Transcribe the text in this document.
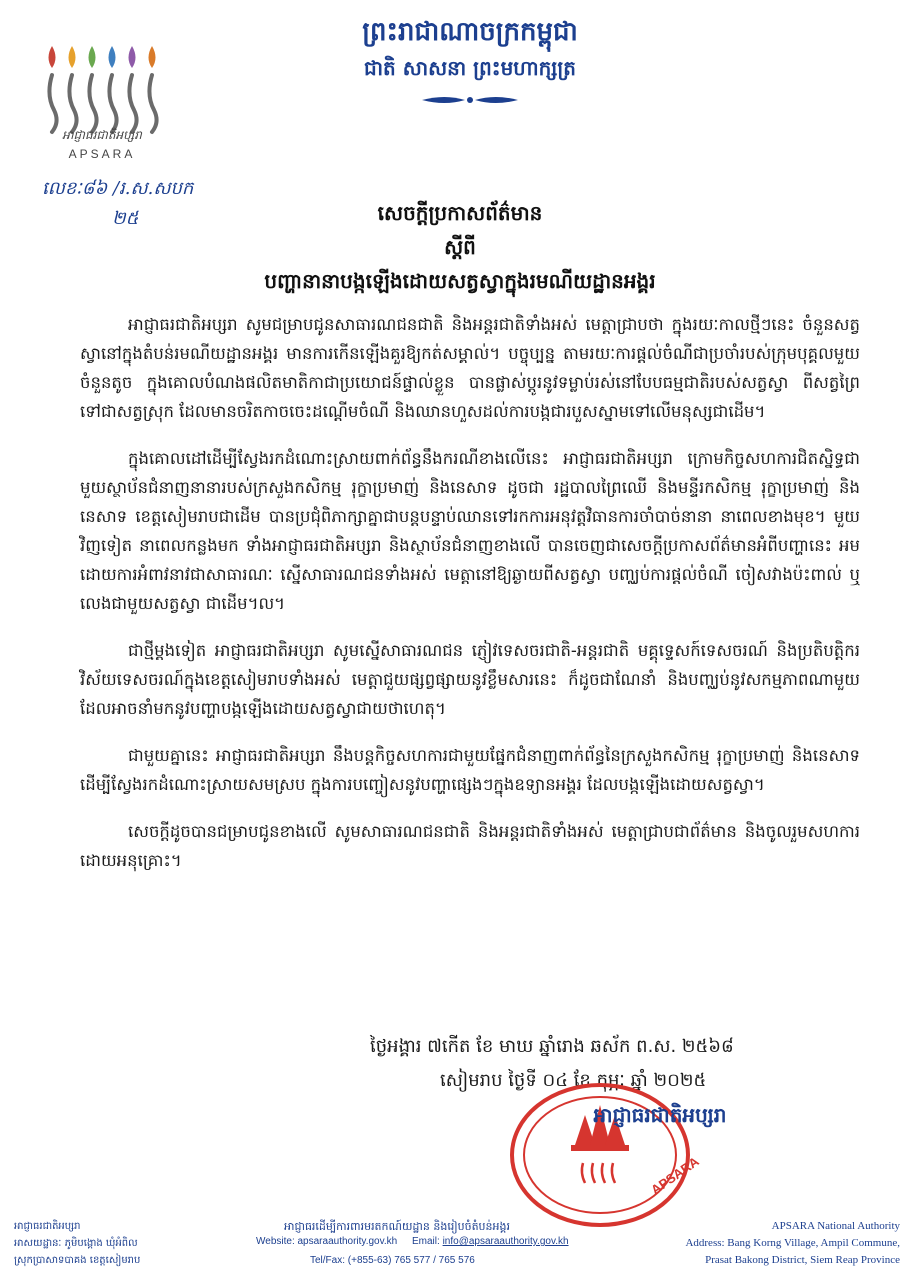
អាជ្ញាធរជាតិអប្សរា
APSARA
ព្រះរាជាណាចក្រកម្ពុជា
ជាតិ សាសនា ព្រះមហាក្សត្រ
លេខៈ៨៦ /រ.ស.សបក
២៥	សេចក្តីប្រកាសព័ត៌មាន
ស្តីពី
បញ្ហានានាបង្កឡើងដោយសត្វស្វាក្នុងរមណីយដ្ឋានអង្គរ

អាជ្ញាធរជាតិអប្សរា សូមជម្រាបជូនសាធារណជនជាតិ និងអន្តរជាតិទាំងអស់ មេត្តាជ្រាបថា ក្នុងរយៈកាលថ្មីៗនេះ ចំនួនសត្វស្វានៅក្នុងតំបន់រមណីយដ្ឋានអង្គរ មានការកើនឡើងគួរឱ្យកត់សម្គាល់។ បច្ចុប្បន្ន តាមរយៈការផ្តល់ចំណីជាប្រចាំរបស់ក្រុមបុគ្គលមួយចំនួនតូច ក្នុងគោលបំណងផលិតមាតិកាជាប្រយោជន៍ផ្ទាល់ខ្លួន បានផ្លាស់ប្តូរនូវទម្លាប់រស់នៅបែបធម្មជាតិរបស់សត្វស្វា ពីសត្វព្រៃ ទៅជាសត្វស្រុក ដែលមានចរិតកាចចេះដណ្តើមចំណី និងឈានហួសដល់ការបង្កជារបួសស្នាមទៅលើមនុស្សជាដើម។

ក្នុងគោលដៅដើម្បីស្វែងរកដំណោះស្រាយពាក់ព័ន្ធនឹងករណីខាងលើនេះ អាជ្ញាធរជាតិអប្សរា ក្រោមកិច្ចសហការជិតស្និទ្ធជាមួយស្ថាប័នជំនាញនានារបស់ក្រសួងកសិកម្ម រុក្ខាប្រមាញ់ និងនេសាទ ដូចជា រដ្ឋបាលព្រៃឈើ និងមន្ទីរកសិកម្ម រុក្ខាប្រមាញ់ និងនេសាទ ខេត្តសៀមរាបជាដើម បានប្រជុំពិភាក្សាគ្នាជាបន្តបន្ទាប់ឈានទៅរកការអនុវត្តវិធានការចាំបាច់នានា នាពេលខាងមុខ។ មួយវិញទៀត នាពេលកន្លងមក ទាំងអាជ្ញាធរជាតិអប្សរា និងស្ថាប័នជំនាញខាងលើ បានចេញជាសេចក្តីប្រកាសព័ត៌មានអំពីបញ្ហានេះ អមដោយការអំពាវនាវជាសាធារណៈ ស្នើសាធារណជនទាំងអស់ មេត្តានៅឱ្យឆ្ងាយពីសត្វស្វា បញ្ឈប់ការផ្តល់ចំណី ចៀសវាងប៉ះពាល់ ឬលេងជាមួយសត្វស្វា ជាដើម។ល។

ជាថ្មីម្តងទៀត អាជ្ញាធរជាតិអប្សរា សូមស្នើសាធារណជន ភ្ញៀវទេសចរជាតិ-អន្តរជាតិ មគ្គុទ្ទេសក៍ទេសចរណ៍ និងប្រតិបត្តិករវិស័យទេសចរណ៍ក្នុងខេត្តសៀមរាបទាំងអស់ មេត្តាជួយផ្សព្វផ្សាយនូវខ្លឹមសារនេះ ក៏ដូចជាណែនាំ និងបញ្ឈប់នូវសកម្មភាពណាមួយដែលអាចនាំមកនូវបញ្ហាបង្កឡើងដោយសត្វស្វាជាយថាហេតុ។

ជាមួយគ្នានេះ អាជ្ញាធរជាតិអប្សរា នឹងបន្តកិច្ចសហការជាមួយផ្នែកជំនាញពាក់ព័ន្ធនៃក្រសួងកសិកម្ម រុក្ខាប្រមាញ់ និងនេសាទ ដើម្បីស្វែងរកដំណោះស្រាយសមស្រប ក្នុងការបញ្ចៀសនូវបញ្ហាផ្សេងៗក្នុងឧទ្យានអង្គរ ដែលបង្កឡើងដោយសត្វស្វា។

សេចក្តីដូចបានជម្រាបជូនខាងលើ សូមសាធារណជនជាតិ និងអន្តរជាតិទាំងអស់ មេត្តាជ្រាបជាព័ត៌មាន និងចូលរួមសហការដោយអនុគ្រោះ។

ថ្ងៃអង្គារ ៧កើត ខែ មាឃ ឆ្នាំរោង ឆស័ក ព.ស. ២៥៦៨
សៀមរាប ថ្ងៃទី ០៤ ខែ កុម្ភៈ ឆ្នាំ ២០២៥
APSARA
អាជ្ញាធរជាតិអប្សរា
អាជ្ញាធរជាតិអប្សរា
អាសយដ្ឋានៈ ភូមិបង្គោង ឃុំអំពិល
ស្រុកប្រាសាទបាគង ខេត្តសៀមរាប
អាជ្ញាធរដើម្បីការពារមរតកណ៍យដ្ឋាន និងរៀបចំតំបន់អង្គរ
Website: apsaraauthority.gov.kh Email: info@apsaraauthority.gov.kh
Tel/Fax: (+855-63) 765 577 / 765 576
APSARA National Authority
Address: Bang Korng Village, Ampil Commune,
Prasat Bakong District, Siem Reap Province
